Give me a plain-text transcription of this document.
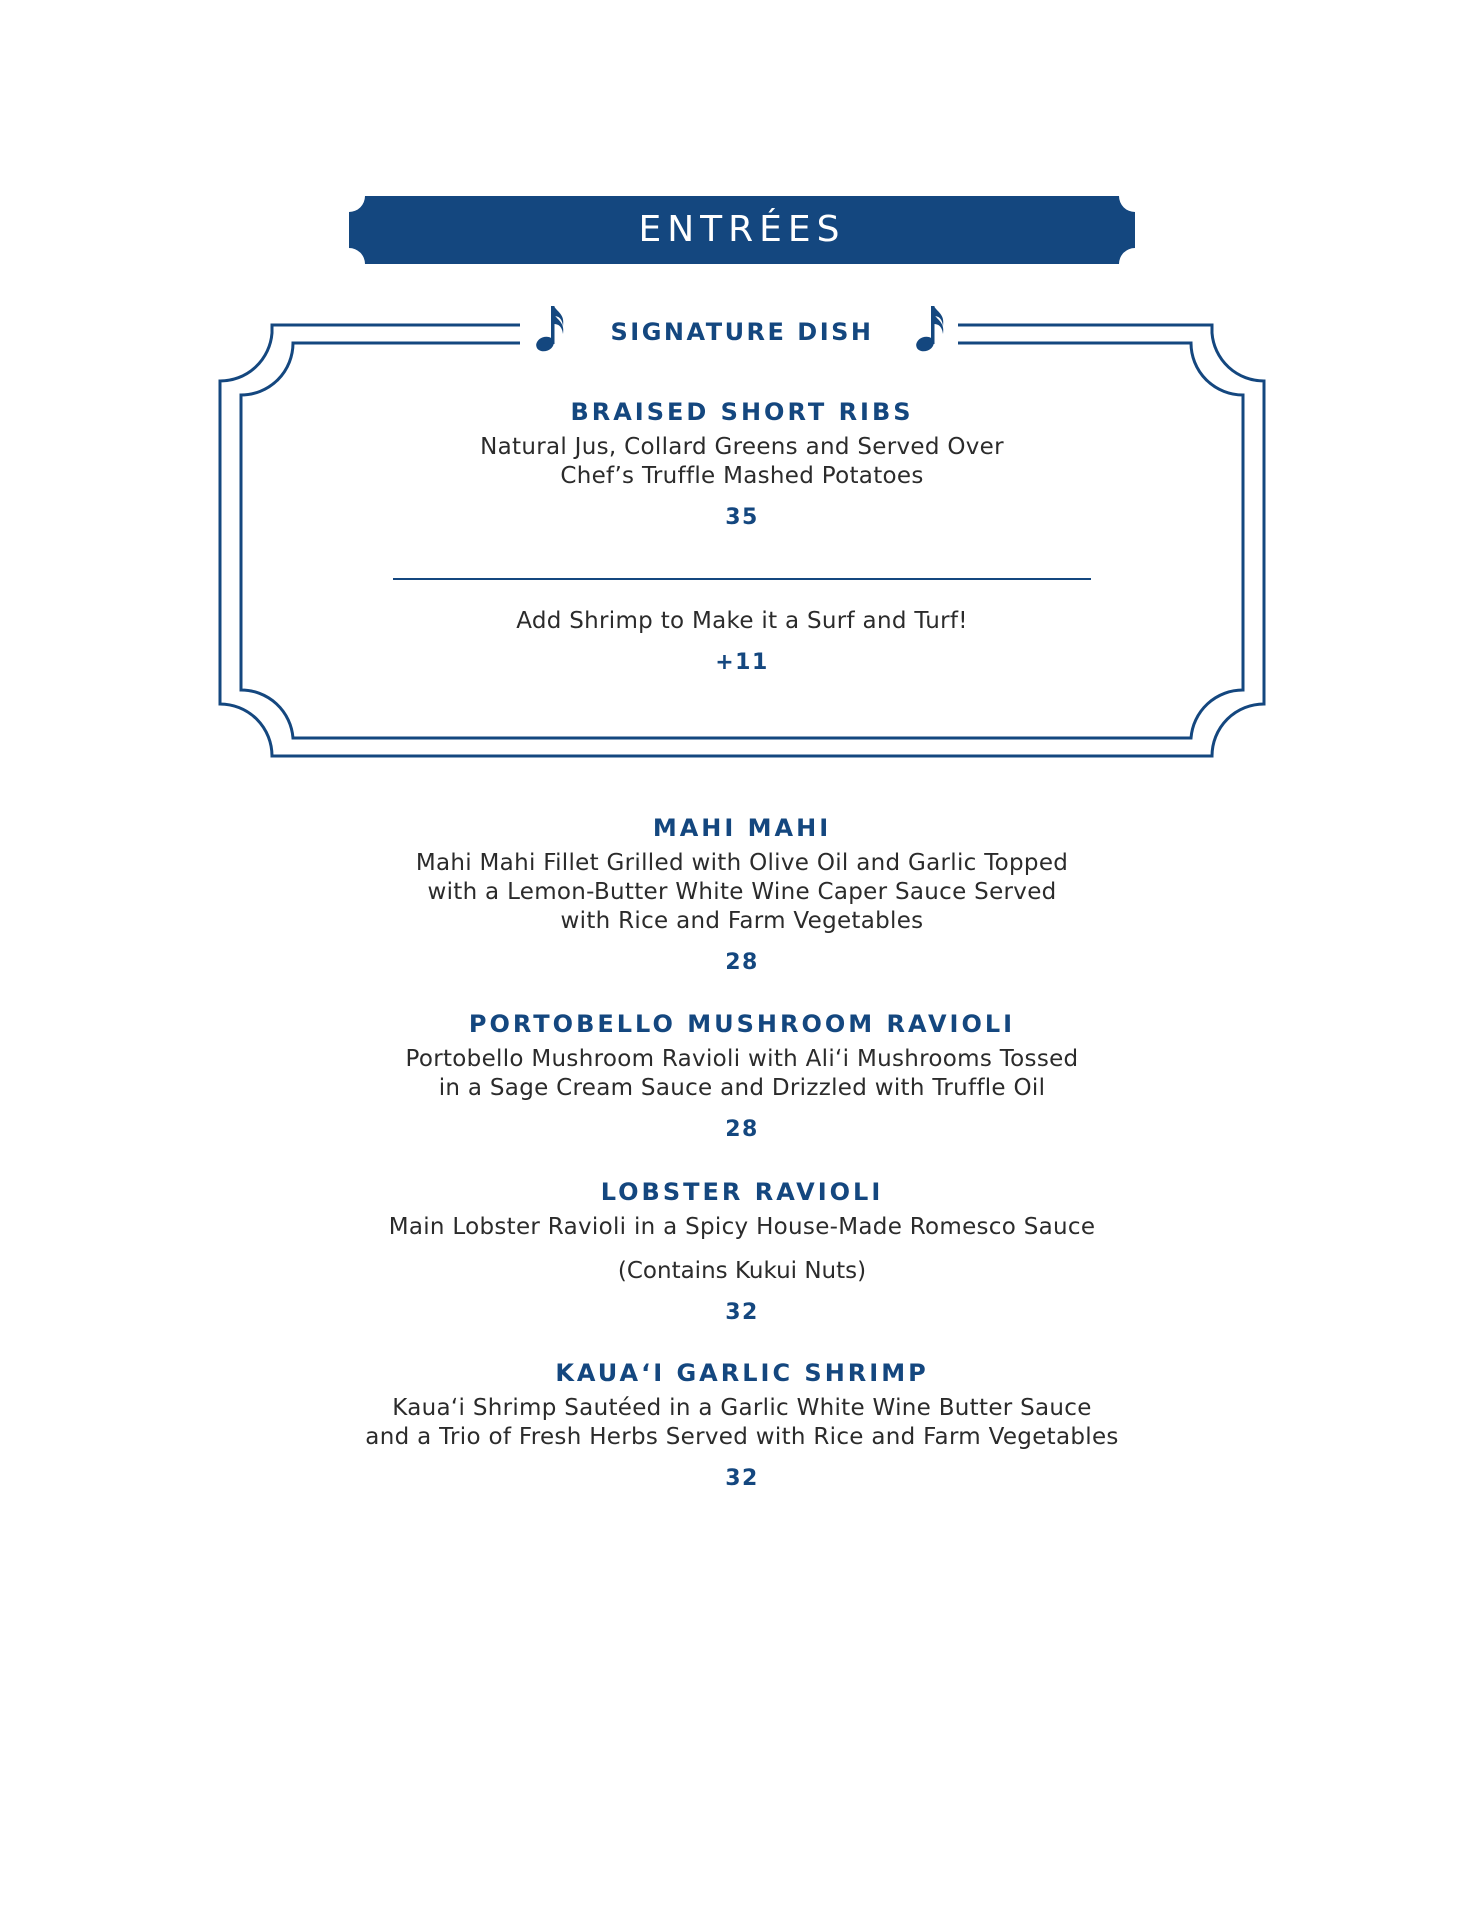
ENTRÉES
SIGNATURE DISH
BRAISED SHORT RIBS
Natural Jus, Collard Greens and Served Over
Chef’s Truffle Mashed Potatoes
35
Add Shrimp to Make it a Surf and Turf!
+11
MAHI MAHI
Mahi Mahi Fillet Grilled with Olive Oil and Garlic Topped
with a Lemon-Butter White Wine Caper Sauce Served
with Rice and Farm Vegetables
28
PORTOBELLO MUSHROOM RAVIOLI
Portobello Mushroom Ravioli with Aliʻi Mushrooms Tossed
in a Sage Cream Sauce and Drizzled with Truffle Oil
28
LOBSTER RAVIOLI
Main Lobster Ravioli in a Spicy House-Made Romesco Sauce
(Contains Kukui Nuts)
32
KAUAʻI GARLIC SHRIMP
Kauaʻi Shrimp Sautéed in a Garlic White Wine Butter Sauce
and a Trio of Fresh Herbs Served with Rice and Farm Vegetables
32
